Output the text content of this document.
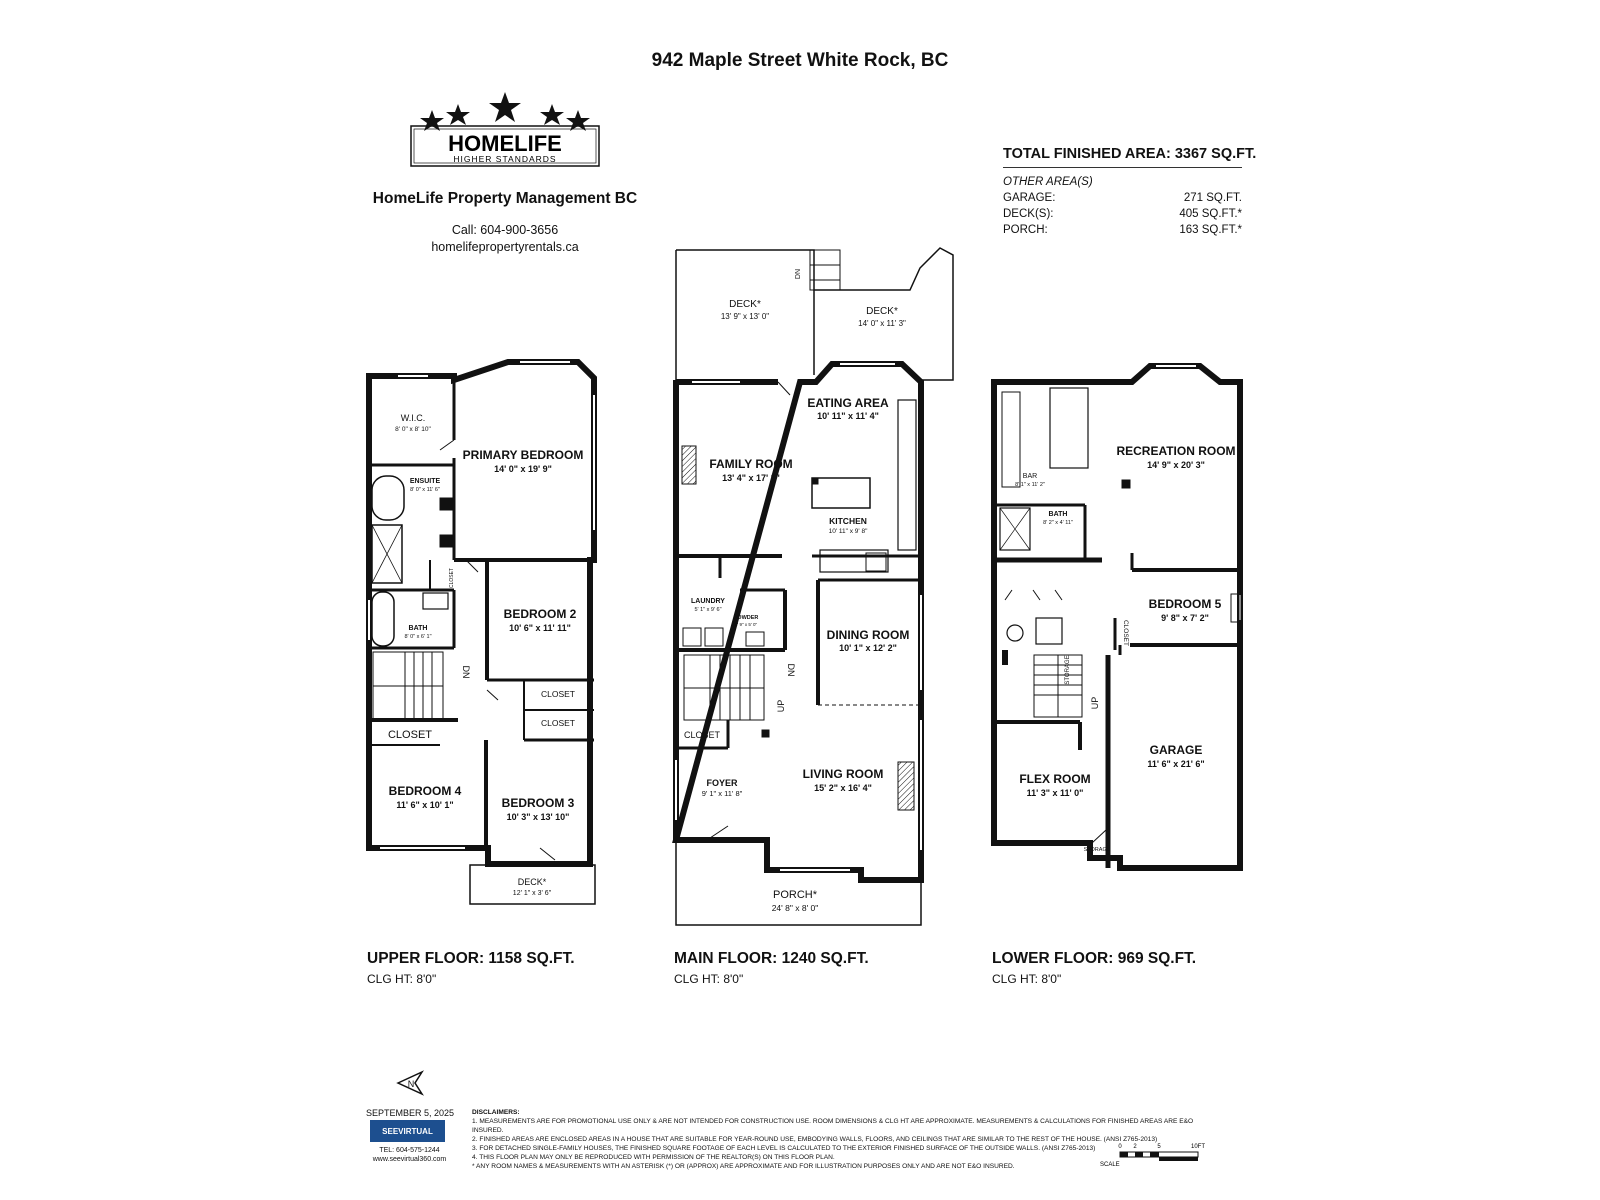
942 Maple Street White Rock, BC
HOMELIFE
HIGHER STANDARDS
HomeLife Property Management BC
Call: 604-900-3656
homelifepropertyrentals.ca
TOTAL FINISHED AREA: 3367 SQ.FT.
OTHER AREA(S)
GARAGE:	271 SQ.FT.
DECK(S):	405 SQ.FT.*
PORCH:	163 SQ.FT.*
W.I.C.
8' 0" x 8' 10"
PRIMARY BEDROOM
14' 0" x 19' 9"
ENSUITE
8' 0" x 11' 6"
CLOSET
BATH
8' 0" x 6' 1"
BEDROOM 2
10' 6" x 11' 11"
CLOSET
CLOSET
CLOSET
DN
BEDROOM 4
11' 6" x 10' 1"	BEDROOM 3
10' 3" x 13' 10"
DECK*
12' 1" x 3' 6"
DECK*
13' 9" x 13' 0"	DECK*
14' 0" x 11' 3"
DN
EATING AREA
10' 11" x 11' 4"
FAMILY ROOM
13' 4" x 17' 2"
KITCHEN
10' 11" x 9' 8"
LAUNDRY
5' 1" x 9' 6"
POWDER
4' 9" x 5' 0"
DINING ROOM
10' 1" x 12' 2"
DN
UP
CLOSET
FOYER
9' 1" x 11' 8"
LIVING ROOM
15' 2" x 16' 4"
PORCH*
24' 8" x 8' 0"
RECREATION ROOM
14' 9" x 20' 3"
BAR
8' 1" x 11' 2"
BATH
8' 2" x 4' 11"
BEDROOM 5
9' 8" x 7' 2"
CLOSET
STORAGE
UP
GARAGE
11' 6" x 21' 6"
FLEX ROOM
11' 3" x 11' 0"
STORAGE
UPPER FLOOR: 1158 SQ.FT.
CLG HT: 8'0"
MAIN FLOOR: 1240 SQ.FT.
CLG HT: 8'0"
LOWER FLOOR: 969 SQ.FT.
CLG HT: 8'0"
N
SEPTEMBER 5, 2025
SEEVIRTUAL
TEL: 604-575-1244
www.seevirtual360.com
DISCLAIMERS:
1. MEASUREMENTS ARE FOR PROMOTIONAL USE ONLY & ARE NOT INTENDED FOR CONSTRUCTION USE. ROOM DIMENSIONS & CLG HT ARE APPROXIMATE. MEASUREMENTS & CALCULATIONS FOR FINISHED AREAS ARE E&O INSURED.
2. FINISHED AREAS ARE ENCLOSED AREAS IN A HOUSE THAT ARE SUITABLE FOR YEAR-ROUND USE, EMBODYING WALLS, FLOORS, AND CEILINGS THAT ARE SIMILAR TO THE REST OF THE HOUSE. (ANSI Z765-2013)
3. FOR DETACHED SINGLE-FAMILY HOUSES, THE FINISHED SQUARE FOOTAGE OF EACH LEVEL IS CALCULATED TO THE EXTERIOR FINISHED SURFACE OF THE OUTSIDE WALLS. (ANSI Z765-2013)
4. THIS FLOOR PLAN MAY ONLY BE REPRODUCED WITH PERMISSION OF THE REALTOR(S) ON THIS FLOOR PLAN.
* ANY ROOM NAMES & MEASUREMENTS WITH AN ASTERISK (*) OR (APPROX) ARE APPROXIMATE AND FOR ILLUSTRATION PURPOSES ONLY AND ARE NOT E&O INSURED.
0 2	5	10FT
SCALE
